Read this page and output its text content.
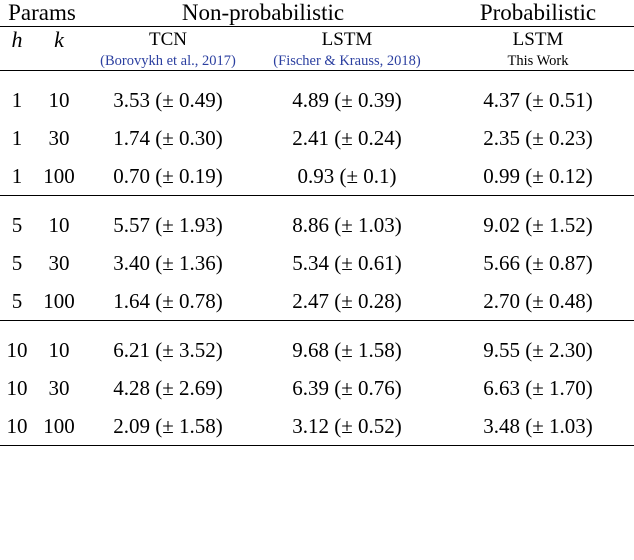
Params		Non-probabilistic		Probabilistic
h	k	TCN	LSTM	LSTM
		(Borovykh et al., 2017)	(Fischer & Krauss, 2018)	This Work

1	10	3.53 (± 0.49)	4.89 (± 0.39)	4.37 (± 0.51)
1	30	1.74 (± 0.30)	2.41 (± 0.24)	2.35 (± 0.23)
1	100	0.70 (± 0.19)	0.93 (± 0.1)	0.99 (± 0.12)

5	10	5.57 (± 1.93)	8.86 (± 1.03)	9.02 (± 1.52)
5	30	3.40 (± 1.36)	5.34 (± 0.61)	5.66 (± 0.87)
5	100	1.64 (± 0.78)	2.47 (± 0.28)	2.70 (± 0.48)

10	10	6.21 (± 3.52)	9.68 (± 1.58)	9.55 (± 2.30)
10	30	4.28 (± 2.69)	6.39 (± 0.76)	6.63 (± 1.70)
10	100	2.09 (± 1.58)	3.12 (± 0.52)	3.48 (± 1.03)
